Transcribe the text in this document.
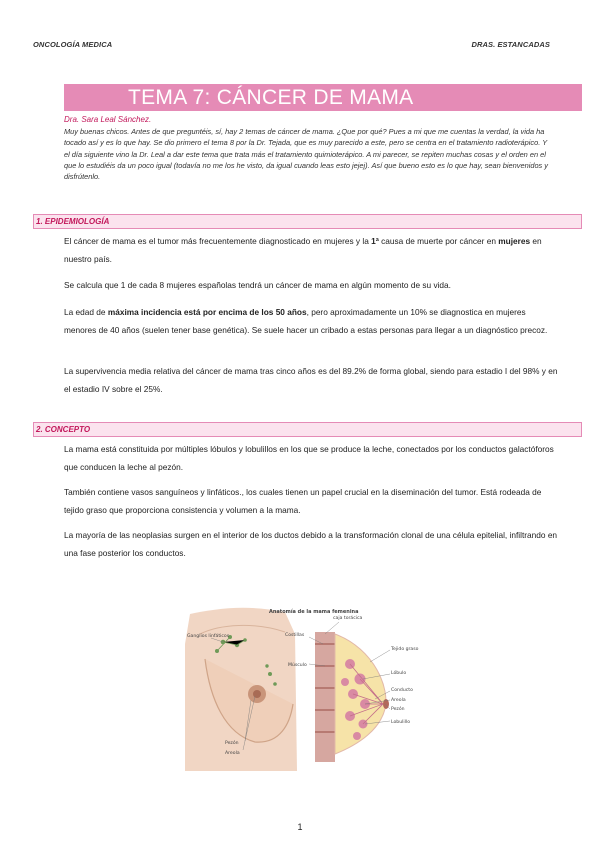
ONCOLOGÍA MEDICA	DRAS. ESTANCADAS
TEMA 7: CÁNCER DE MAMA
Dra. Sara Leal Sánchez.
Muy buenas chicos. Antes de que preguntéis, sí, hay 2 temas de cáncer de mama. ¿Que por qué? Pues a mi que me cuentas la verdad, la vida ha tocado así y es lo que hay. Se dio primero el tema 8 por la Dr. Tejada, que es muy parecido a este, pero se centra en el tratamiento radioterápico. Y el día siguiente vino la Dr. Leal a dar este tema que trata más el tratamiento quimioterápico. A mi parecer, se repiten muchas cosas y el orden en el que lo estudiéis da un poco igual (todavía no me los he visto, da igual cuando leas esto jejej). Así que bueno esto es lo que hay, sean bienvenidos y disfrútenlo.
1. EPIDEMIOLOGÍA

El cáncer de mama es el tumor más frecuentemente diagnosticado en mujeres y la 1ª causa de muerte por cáncer en mujeres en nuestro país.

Se calcula que 1 de cada 8 mujeres españolas tendrá un cáncer de mama en algún momento de su vida.

La edad de máxima incidencia está por encima de los 50 años, pero aproximadamente un 10% se diagnostica en mujeres menores de 40 años (suelen tener base genética). Se suele hacer un cribado a estas personas para llegar a un diagnóstico precoz.

La supervivencia media relativa del cáncer de mama tras cinco años es del 89.2% de forma global, siendo para estadio I del 98% y en el estadio IV sobre el 25%.

2. CONCEPTO

La mama está constituida por múltiples lóbulos y lobulillos en los que se produce la leche, conectados por los conductos galactóforos que conducen la leche al pezón.

También contiene vasos sanguíneos y linfáticos., los cuales tienen un papel crucial en la diseminación del tumor. Está rodeada de tejido graso que proporciona consistencia y volumen a la mama.

La mayoría de las neoplasias surgen en el interior de los ductos debido a la transformación clonal de una célula epitelial, infiltrando en una fase posterior los conductos.

Anatomía de la mama femenina
Ganglios linfáticos
Pezón
Areola
Costillas
Músculo
caja torácica
Tejido graso
Lóbulo
Conducto
Areola
Pezón
Lobulillo
1
